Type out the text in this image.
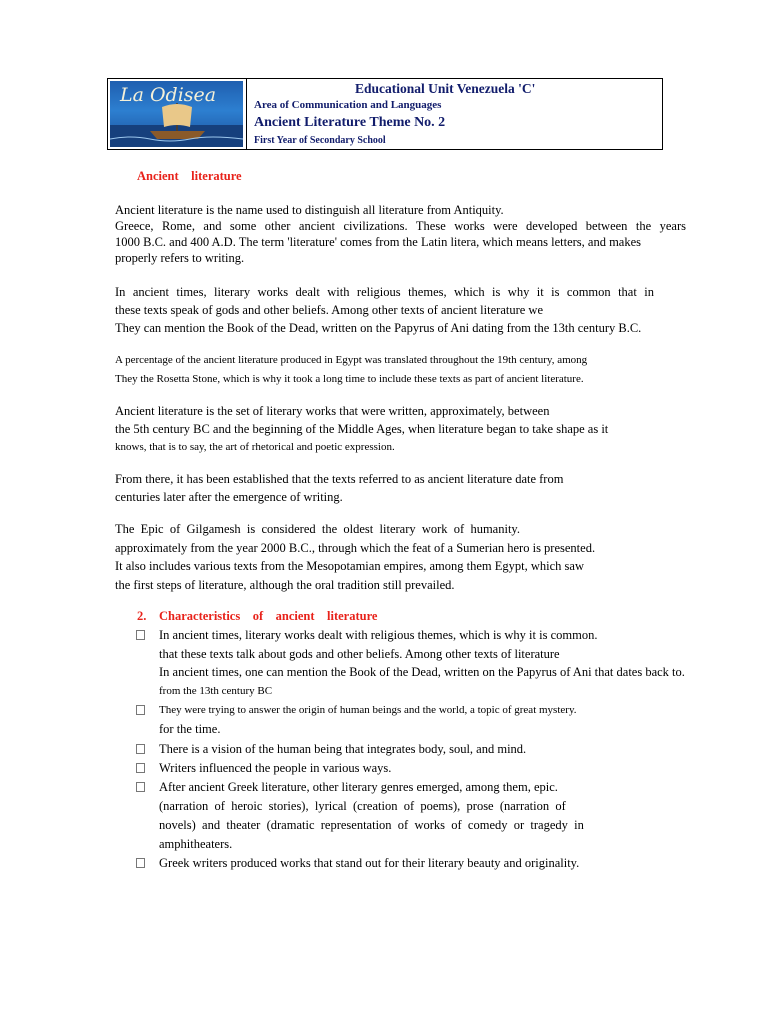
La Odisea	Educational Unit Venezuela 'C'
Area of Communication and Languages
Ancient Literature Theme No. 2
First Year of Secondary School
Ancient    literature
Ancient literature is the name used to distinguish all literature from Antiquity.
Greece, Rome, and some other ancient civilizations. These works were developed between the years
1000 B.C. and 400 A.D. The term 'literature' comes from the Latin litera, which means letters, and makes
properly refers to writing.
In ancient times, literary works dealt with religious themes, which is why it is common that in
these texts speak of gods and other beliefs. Among other texts of ancient literature we
They can mention the Book of the Dead, written on the Papyrus of Ani dating from the 13th century B.C.
A percentage of the ancient literature produced in Egypt was translated throughout the 19th century, among
They the Rosetta Stone, which is why it took a long time to include these texts as part of ancient literature.
Ancient literature is the set of literary works that were written, approximately, between
the 5th century BC and the beginning of the Middle Ages, when literature began to take shape as it
knows, that is to say, the art of rhetorical and poetic expression.
From there, it has been established that the texts referred to as ancient literature date from
centuries later after the emergence of writing.
The  Epic  of  Gilgamesh  is  considered  the  oldest  literary  work  of  humanity.
approximately from the year 2000 B.C., through which the feat of a Sumerian hero is presented.
It also includes various texts from the Mesopotamian empires, among them Egypt, which saw
the first steps of literature, although the oral tradition still prevailed.
2. Characteristics    of    ancient    literature
In ancient times, literary works dealt with religious themes, which is why it is common.
that these texts talk about gods and other beliefs. Among other texts of literature
In ancient times, one can mention the Book of the Dead, written on the Papyrus of Ani that dates back to.
from the 13th century BC
They were trying to answer the origin of human beings and the world, a topic of great mystery.
for the time.
There is a vision of the human being that integrates body, soul, and mind.
Writers influenced the people in various ways.
After ancient Greek literature, other literary genres emerged, among them, epic.
(narration  of  heroic  stories),  lyrical  (creation  of  poems),  prose  (narration  of
novels)  and  theater  (dramatic  representation  of  works  of  comedy  or  tragedy  in
amphitheaters.
Greek writers produced works that stand out for their literary beauty and originality.
